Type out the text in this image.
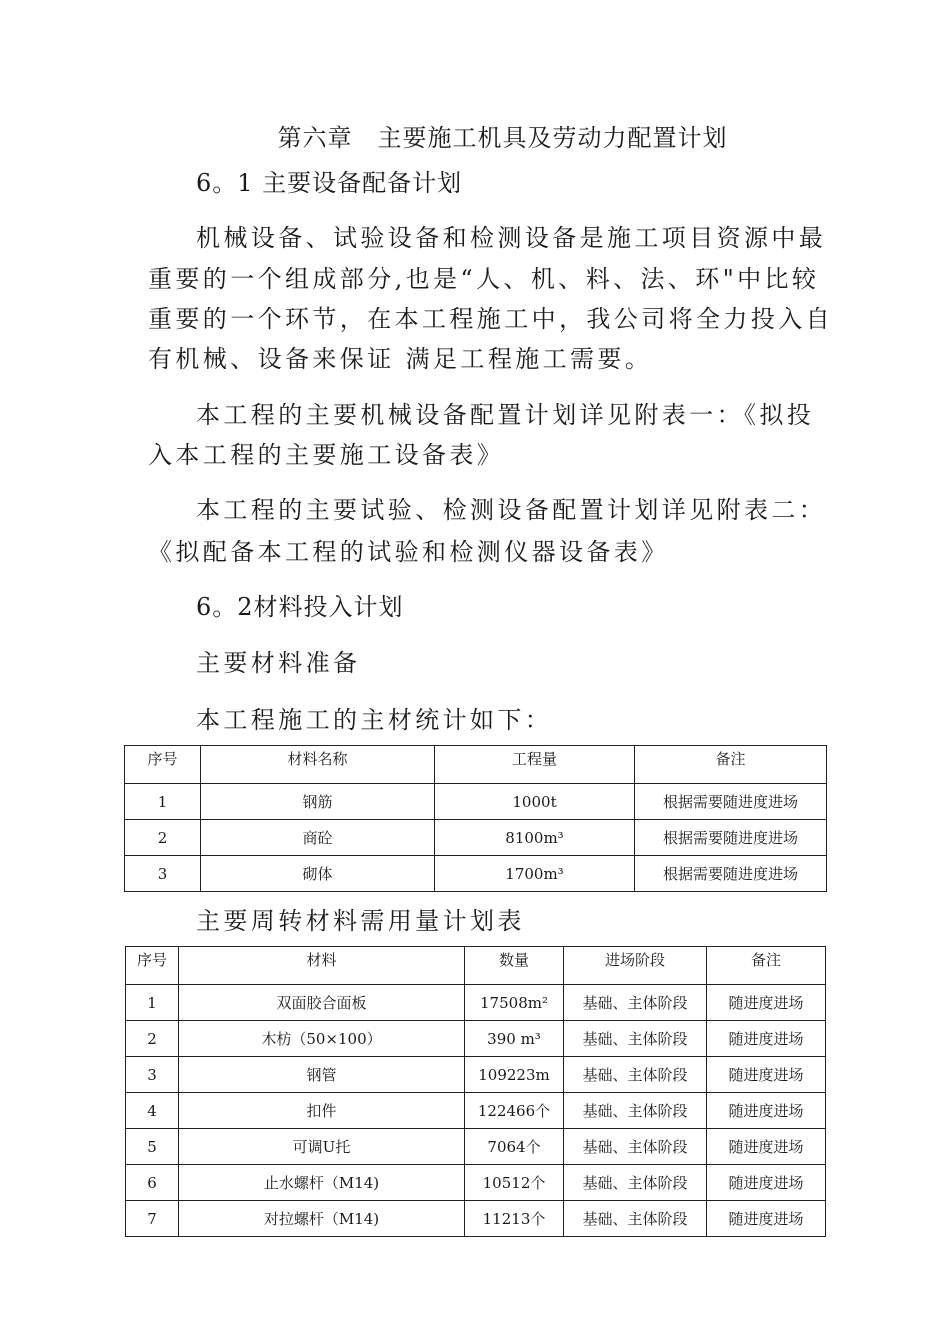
第六章　主要施工机具及劳动力配置计划
6。1 主要设备配备计划
机械设备、试验设备和检测设备是施工项目资源中最
重要的一个组成部分,也是“人、机、料、法、环"中比较
重要的一个环节，在本工程施工中，我公司将全力投入自
有机械、设备来保证 满足工程施工需要。
本工程的主要机械设备配置计划详见附表一：《拟投
入本工程的主要施工设备表》
本工程的主要试验、检测设备配置计划详见附表二：
《拟配备本工程的试验和检测仪器设备表》
6。2材料投入计划
主要材料准备
本工程施工的主材统计如下：
序号	材料名称	工程量	备注
1	钢筋	1000t	根据需要随进度进场
2	商砼	8100m³	根据需要随进度进场
3	砌体	1700m³	根据需要随进度进场
主要周转材料需用量计划表
序号	材料	数量	进场阶段	备注
1	双面胶合面板	17508m²	基础、主体阶段	随进度进场
2	木枋（50×100）	390 m³	基础、主体阶段	随进度进场
3	钢管	109223m	基础、主体阶段	随进度进场
4	扣件	122466个	基础、主体阶段	随进度进场
5	可调U托	7064个	基础、主体阶段	随进度进场
6	止水螺杆（M14)	10512个	基础、主体阶段	随进度进场
7	对拉螺杆（M14)	11213个	基础、主体阶段	随进度进场
